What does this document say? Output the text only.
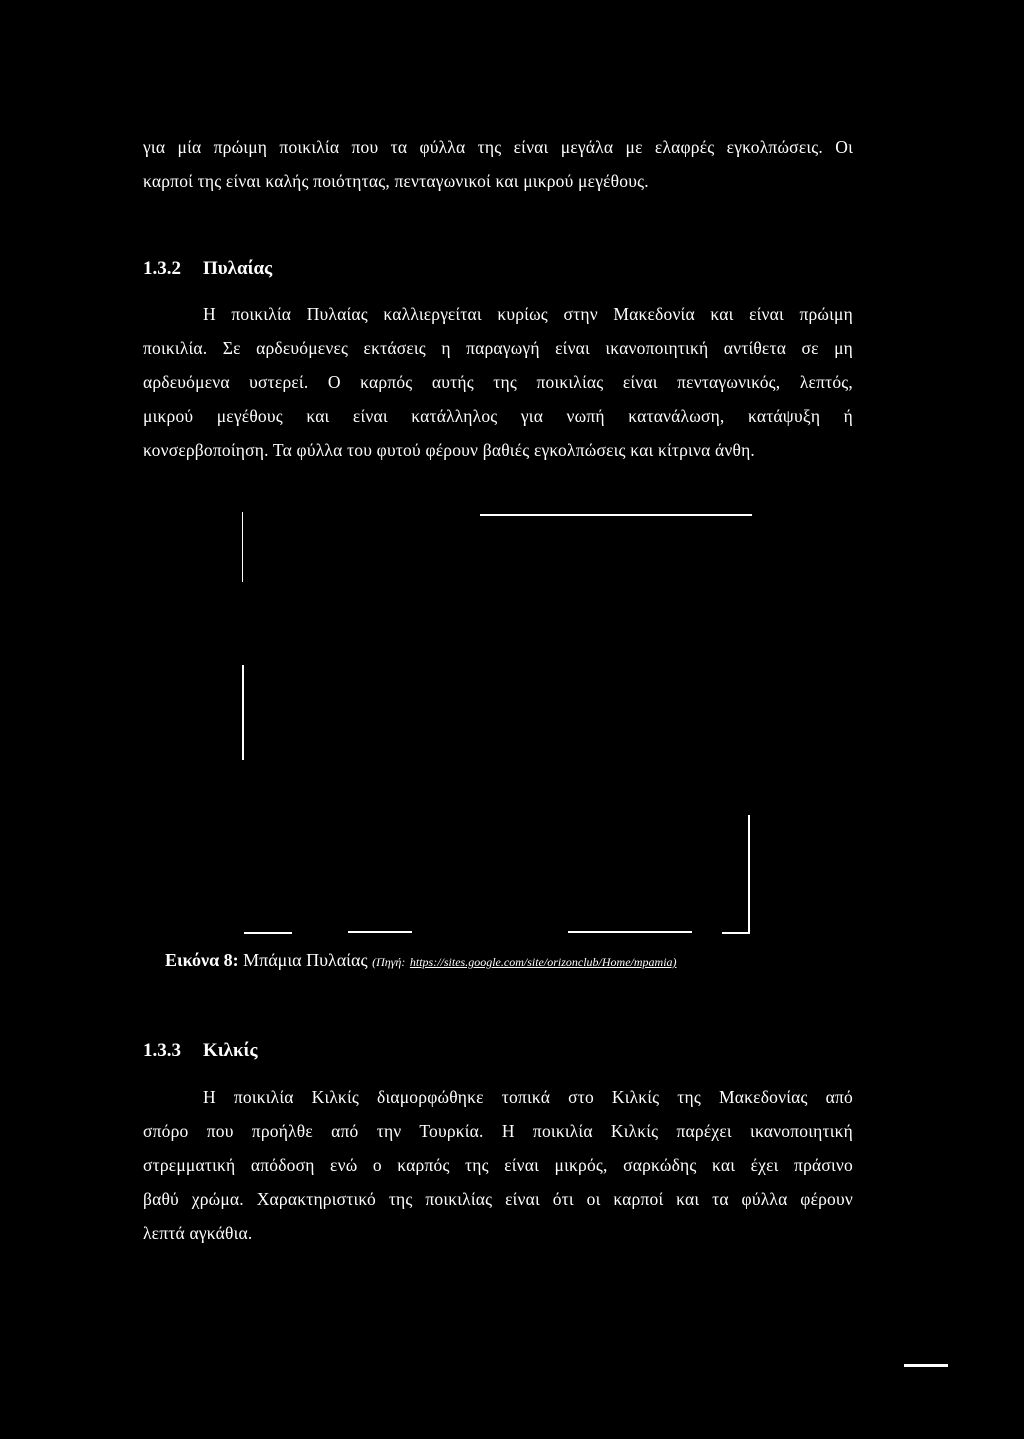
για μία πρώιμη ποικιλία που τα φύλλα της είναι μεγάλα με ελαφρές εγκολπώσεις. Οι
καρποί της είναι καλής ποιότητας, πενταγωνικοί και μικρού μεγέθους.
1.3.2 Πυλαίας
Η ποικιλία Πυλαίας καλλιεργείται κυρίως στην Μακεδονία και είναι πρώιμη
ποικιλία. Σε αρδευόμενες εκτάσεις η παραγωγή είναι ικανοποιητική αντίθετα σε μη
αρδευόμενα υστερεί. Ο καρπός αυτής της ποικιλίας είναι πενταγωνικός, λεπτός,
μικρού μεγέθους και είναι κατάλληλος για νωπή κατανάλωση, κατάψυξη ή
κονσερβοποίηση. Τα φύλλα του φυτού φέρουν βαθιές εγκολπώσεις και κίτρινα άνθη.
Εικόνα 8: Μπάμια Πυλαίας (Πηγή: https://sites.google.com/site/orizonclub/Home/mpamia)
1.3.3 Κιλκίς
Η ποικιλία Κιλκίς διαμορφώθηκε τοπικά στο Κιλκίς της Μακεδονίας από
σπόρο που προήλθε από την Τουρκία. Η ποικιλία Κιλκίς παρέχει ικανοποιητική
στρεμματική απόδοση ενώ ο καρπός της είναι μικρός, σαρκώδης και έχει πράσινο
βαθύ χρώμα. Χαρακτηριστικό της ποικιλίας είναι ότι οι καρποί και τα φύλλα φέρουν
λεπτά αγκάθια.
